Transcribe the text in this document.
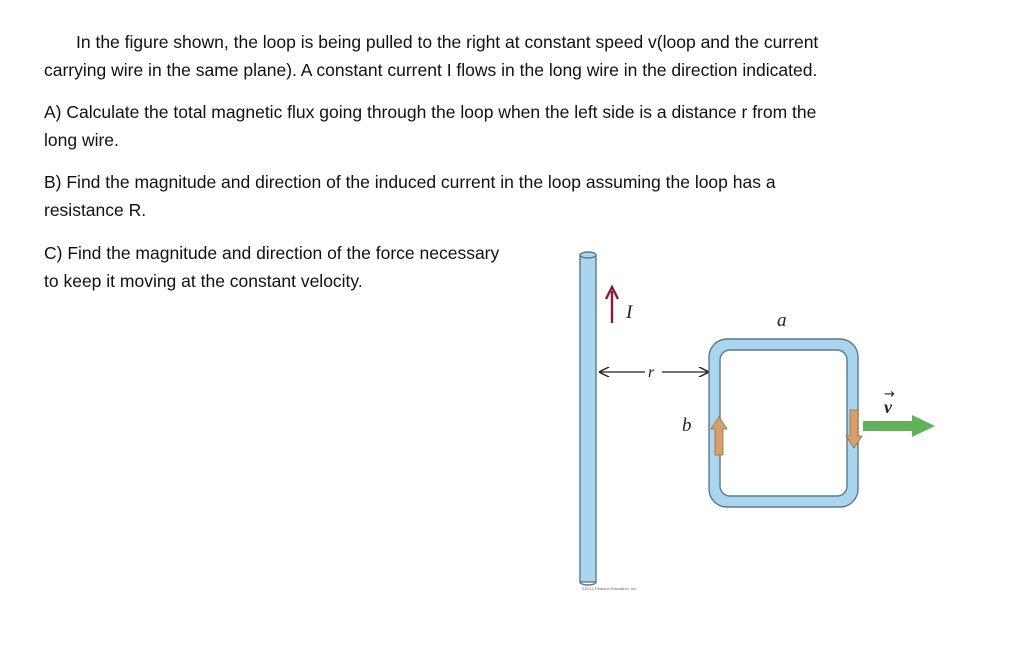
In the figure shown, the loop is being pulled to the right at constant speed v(loop and the current
carrying wire in the same plane). A constant current I flows in the long wire in the direction indicated.
A) Calculate the total magnetic flux going through the loop when the left side is a distance r from the
long wire.
B) Find the magnitude and direction of the induced current in the loop assuming the loop has a
resistance R.
C) Find the magnitude and direction of the force necessary
to keep it moving at the constant velocity.
I
r
a
b
v
→
©2012 Pearson Education, Inc.
